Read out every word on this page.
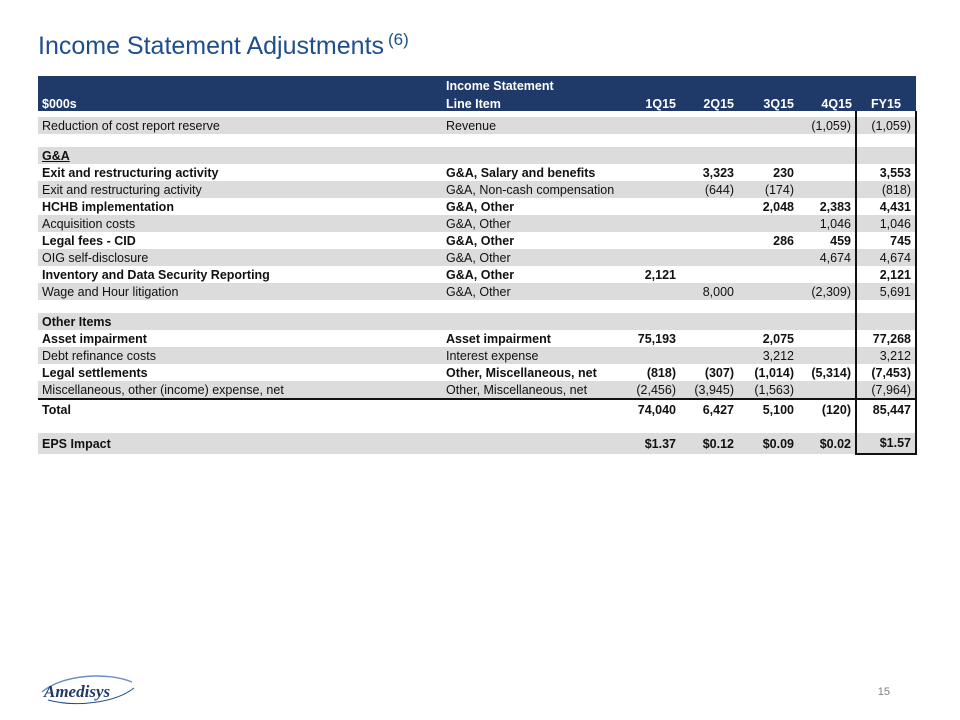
Income Statement Adjustments $^{(6)}$
	Income Statement					
$000s	Line Item	1Q15	2Q15	3Q15	4Q15	FY15

Reduction of cost report reserve	Revenue				(1,059)	(1,059)

G&A						
Exit and restructuring activity	G&A, Salary and benefits		3,323	230		3,553
Exit and restructuring activity	G&A, Non-cash compensation		(644)	(174)		(818)
HCHB implementation	G&A, Other			2,048	2,383	4,431
Acquisition costs	G&A, Other				1,046	1,046
Legal fees - CID	G&A, Other			286	459	745
OIG self-disclosure	G&A, Other				4,674	4,674
Inventory and Data Security Reporting	G&A, Other	2,121				2,121
Wage and Hour litigation	G&A, Other		8,000		(2,309)	5,691

Other Items						
Asset impairment	Asset impairment	75,193		2,075		77,268
Debt refinance costs	Interest expense			3,212		3,212
Legal settlements	Other, Miscellaneous, net	(818)	(307)	(1,014)	(5,314)	(7,453)
Miscellaneous, other (income) expense, net	Other, Miscellaneous, net	(2,456)	(3,945)	(1,563)		(7,964)
Total		74,040	6,427	5,100	(120)	85,447

EPS Impact		$1.37	$0.12	$0.09	$0.02	$1.57
Amedisys	15
